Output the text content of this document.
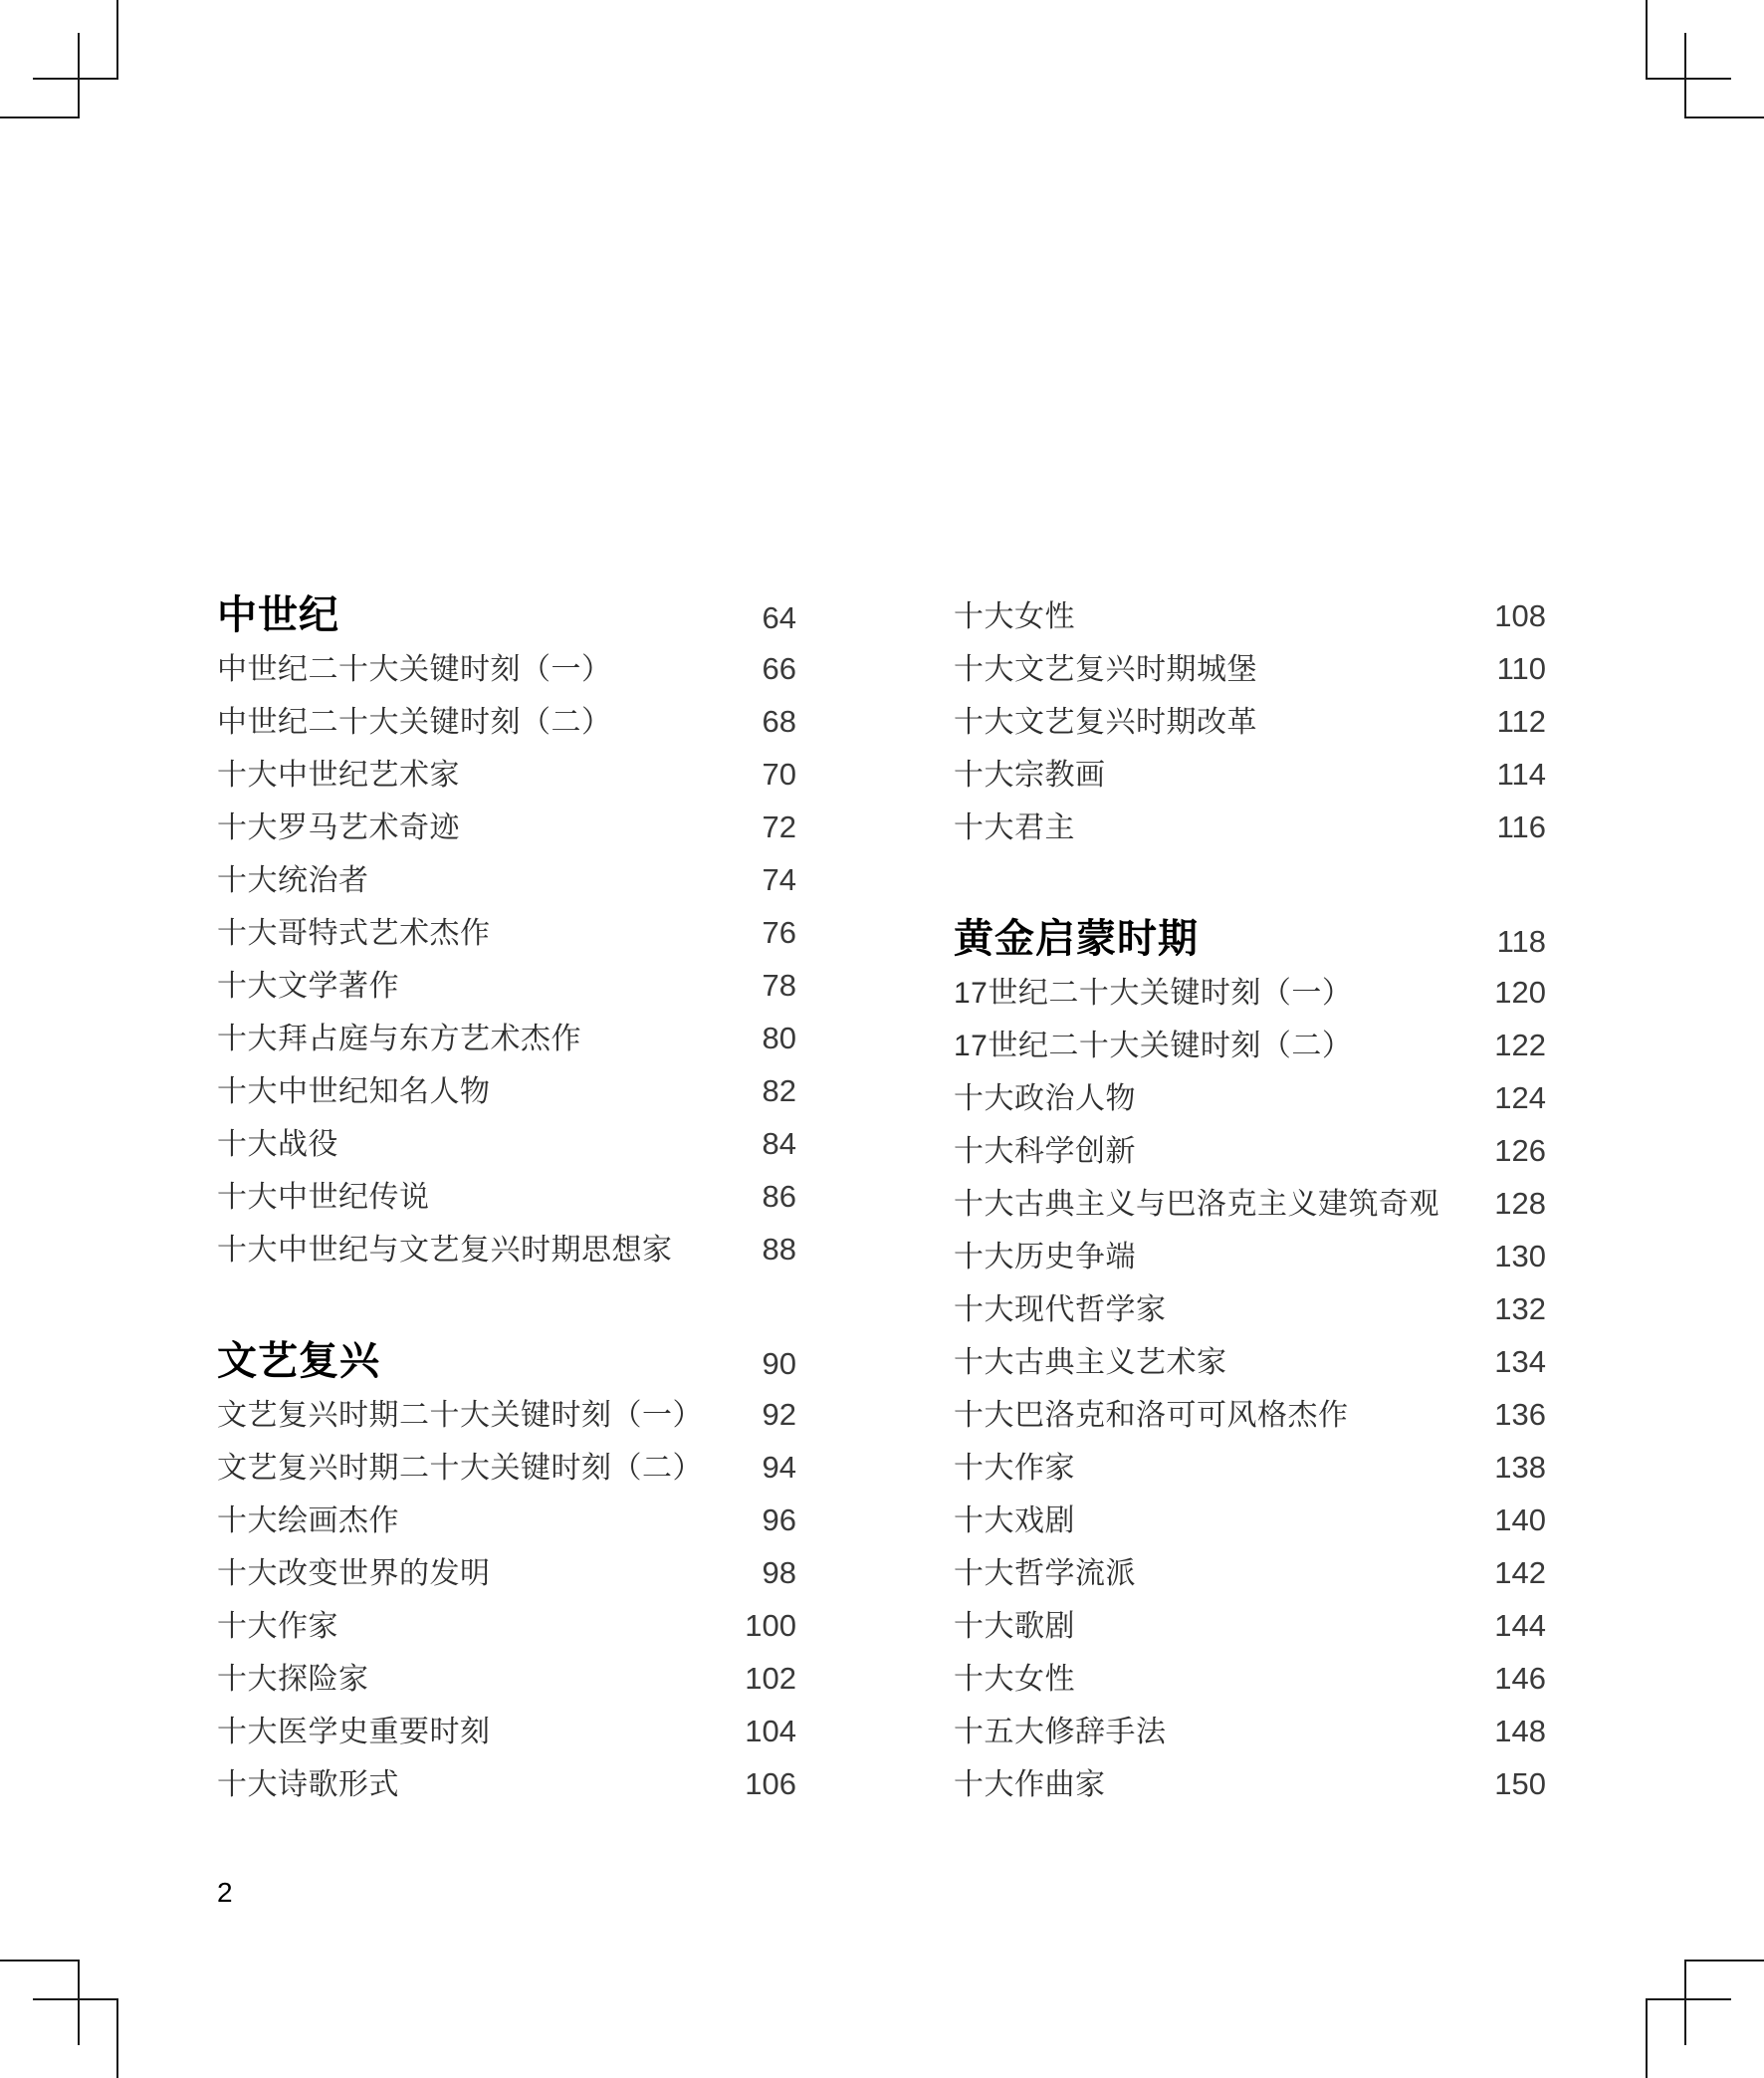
中世纪	64
中世纪二十大关键时刻（一）	66
中世纪二十大关键时刻（二）	68
十大中世纪艺术家	70
十大罗马艺术奇迹	72
十大统治者	74
十大哥特式艺术杰作	76
十大文学著作	78
十大拜占庭与东方艺术杰作	80
十大中世纪知名人物	82
十大战役	84
十大中世纪传说	86
十大中世纪与文艺复兴时期思想家	88
文艺复兴	90
文艺复兴时期二十大关键时刻（一） 92
文艺复兴时期二十大关键时刻（二） 94
十大绘画杰作	96
十大改变世界的发明	98
十大作家	100
十大探险家	102
十大医学史重要时刻	104
十大诗歌形式	106
十大女性	108
十大文艺复兴时期城堡	110
十大文艺复兴时期改革	112
十大宗教画	114
十大君主	116
黄金启蒙时期	118
17世纪二十大关键时刻（一）	120
17世纪二十大关键时刻（二）	122
十大政治人物	124
十大科学创新	126
十大古典主义与巴洛克主义建筑奇观 128
十大历史争端	130
十大现代哲学家	132
十大古典主义艺术家	134
十大巴洛克和洛可可风格杰作	136
十大作家	138
十大戏剧	140
十大哲学流派	142
十大歌剧	144
十大女性	146
十五大修辞手法	148
十大作曲家	150
2
